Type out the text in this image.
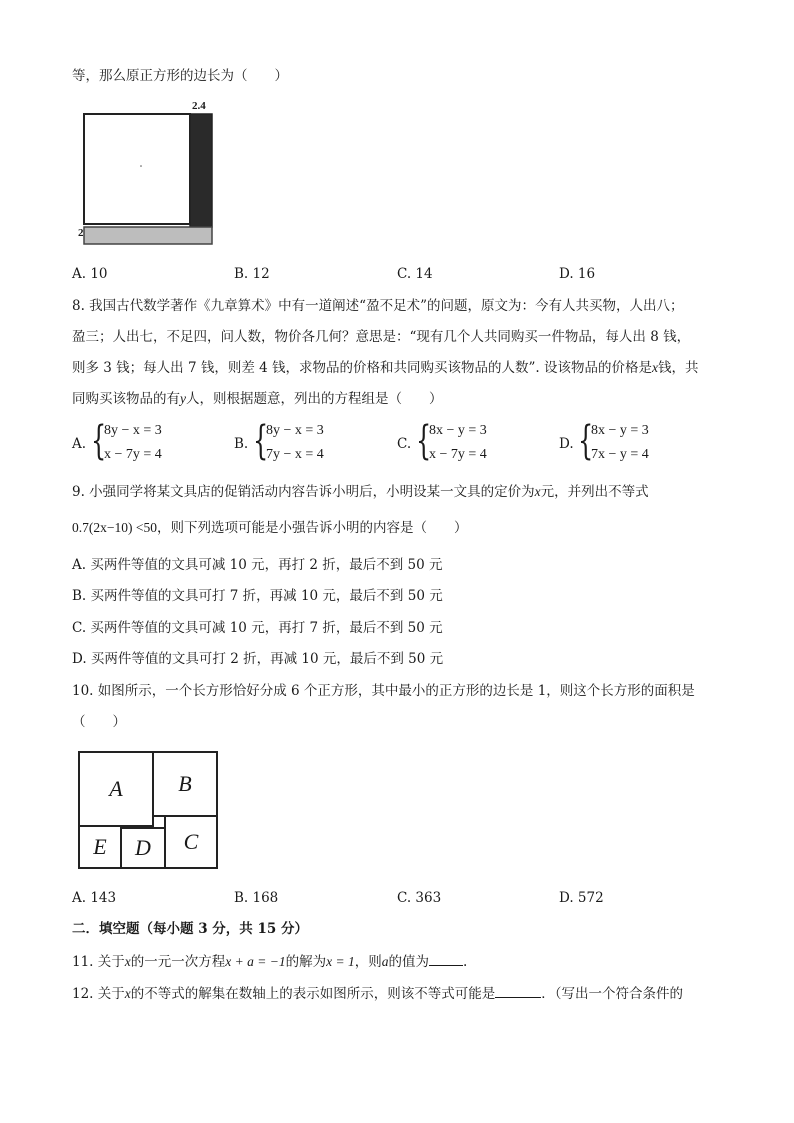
等，那么原正方形的边长为（　　）
2.4
2
A. 10	B. 12	C. 14	D. 16
8. 我国古代数学著作《九章算术》中有一道阐述“盈不足术”的问题，原文为：今有人共买物，人出八；
盈三；人出七，不足四，问人数，物价各几何？意思是：“现有几个人共同购买一件物品，每人出 8 钱，
则多 3 钱；每人出 7 钱，则差 4 钱，求物品的价格和共同购买该物品的人数”. 设该物品的价格是x钱，共
同购买该物品的有y人，则根据题意，列出的方程组是（　　）
A. {
8y − x = 3
x − 7y = 4
B. {
8y − x = 3
7y − x = 4
C. {
8x − y = 3
x − 7y = 4
D. {
8x − y = 3
7x − y = 4
9. 小强同学将某文具店的促销活动内容告诉小明后，小明设某一文具的定价为x元，并列出不等式
0.7(2x−10) <50，则下列选项可能是小强告诉小明的内容是（　　）
A. 买两件等值的文具可减 10 元，再打 2 折，最后不到 50 元
B. 买两件等值的文具可打 7 折，再减 10 元，最后不到 50 元
C. 买两件等值的文具可减 10 元，再打 7 折，最后不到 50 元
D. 买两件等值的文具可打 2 折，再减 10 元，最后不到 50 元
10. 如图所示，一个长方形恰好分成 6 个正方形，其中最小的正方形的边长是 1，则这个长方形的面积是
（　　）
A	B
C
E	D
A. 143	B. 168	C. 363	D. 572
二．填空题（每小题 3 分，共 15 分）
11. 关于x的一元一次方程x + a = −1的解为x = 1，则a的值为	.
12. 关于x的不等式的解集在数轴上的表示如图所示，则该不等式可能是	．（写出一个符合条件的
